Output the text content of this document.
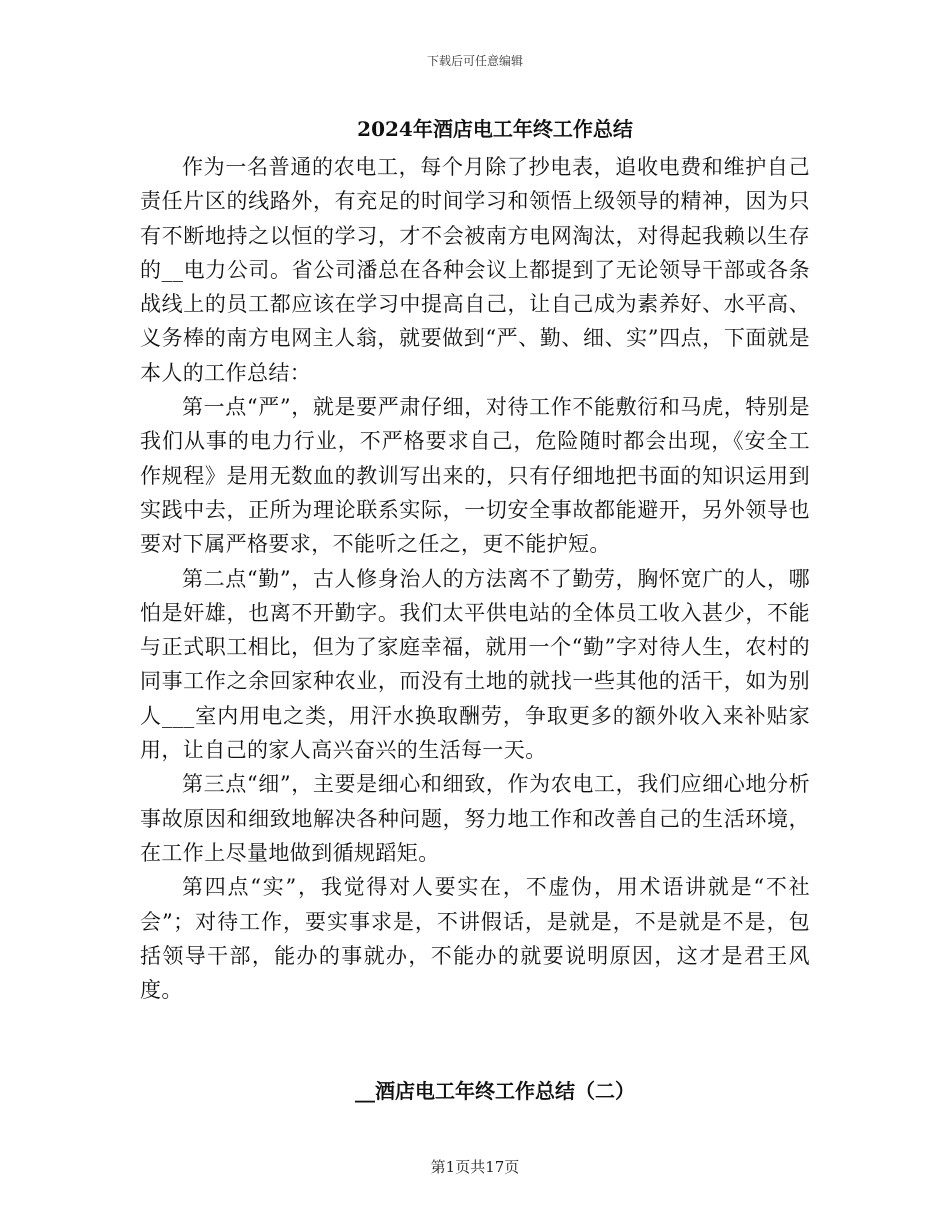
下载后可任意编辑
2024年酒店电工年终工作总结

作为一名普通的农电工，每个月除了抄电表，追收电费和维护自己责任片区的线路外，有充足的时间学习和领悟上级领导的精神，因为只有不断地持之以恒的学习，才不会被南方电网淘汰，对得起我赖以生存的__电力公司。省公司潘总在各种会议上都提到了无论领导干部或各条战线上的员工都应该在学习中提高自己，让自己成为素养好、水平高、义务棒的南方电网主人翁，就要做到“严、勤、细、实”四点，下面就是本人的工作总结：

第一点“严”，就是要严肃仔细，对待工作不能敷衍和马虎，特别是我们从事的电力行业，不严格要求自己，危险随时都会出现，《安全工作规程》是用无数血的教训写出来的，只有仔细地把书面的知识运用到实践中去，正所为理论联系实际，一切安全事故都能避开，另外领导也要对下属严格要求，不能听之任之，更不能护短。

第二点“勤”，古人修身治人的方法离不了勤劳，胸怀宽广的人，哪怕是奸雄，也离不开勤字。我们太平供电站的全体员工收入甚少，不能与正式职工相比，但为了家庭幸福，就用一个“勤”字对待人生，农村的同事工作之余回家种农业，而没有土地的就找一些其他的活干，如为别人___室内用电之类，用汗水换取酬劳，争取更多的额外收入来补贴家用，让自己的家人高兴奋兴的生活每一天。

第三点“细”，主要是细心和细致，作为农电工，我们应细心地分析事故原因和细致地解决各种问题，努力地工作和改善自己的生活环境，在工作上尽量地做到循规蹈矩。

第四点“实”，我觉得对人要实在，不虚伪，用术语讲就是“不社会”；对待工作，要实事求是，不讲假话，是就是，不是就是不是，包括领导干部，能办的事就办，不能办的就要说明原因，这才是君王风度。

__酒店电工年终工作总结（二）
第1页共17页
